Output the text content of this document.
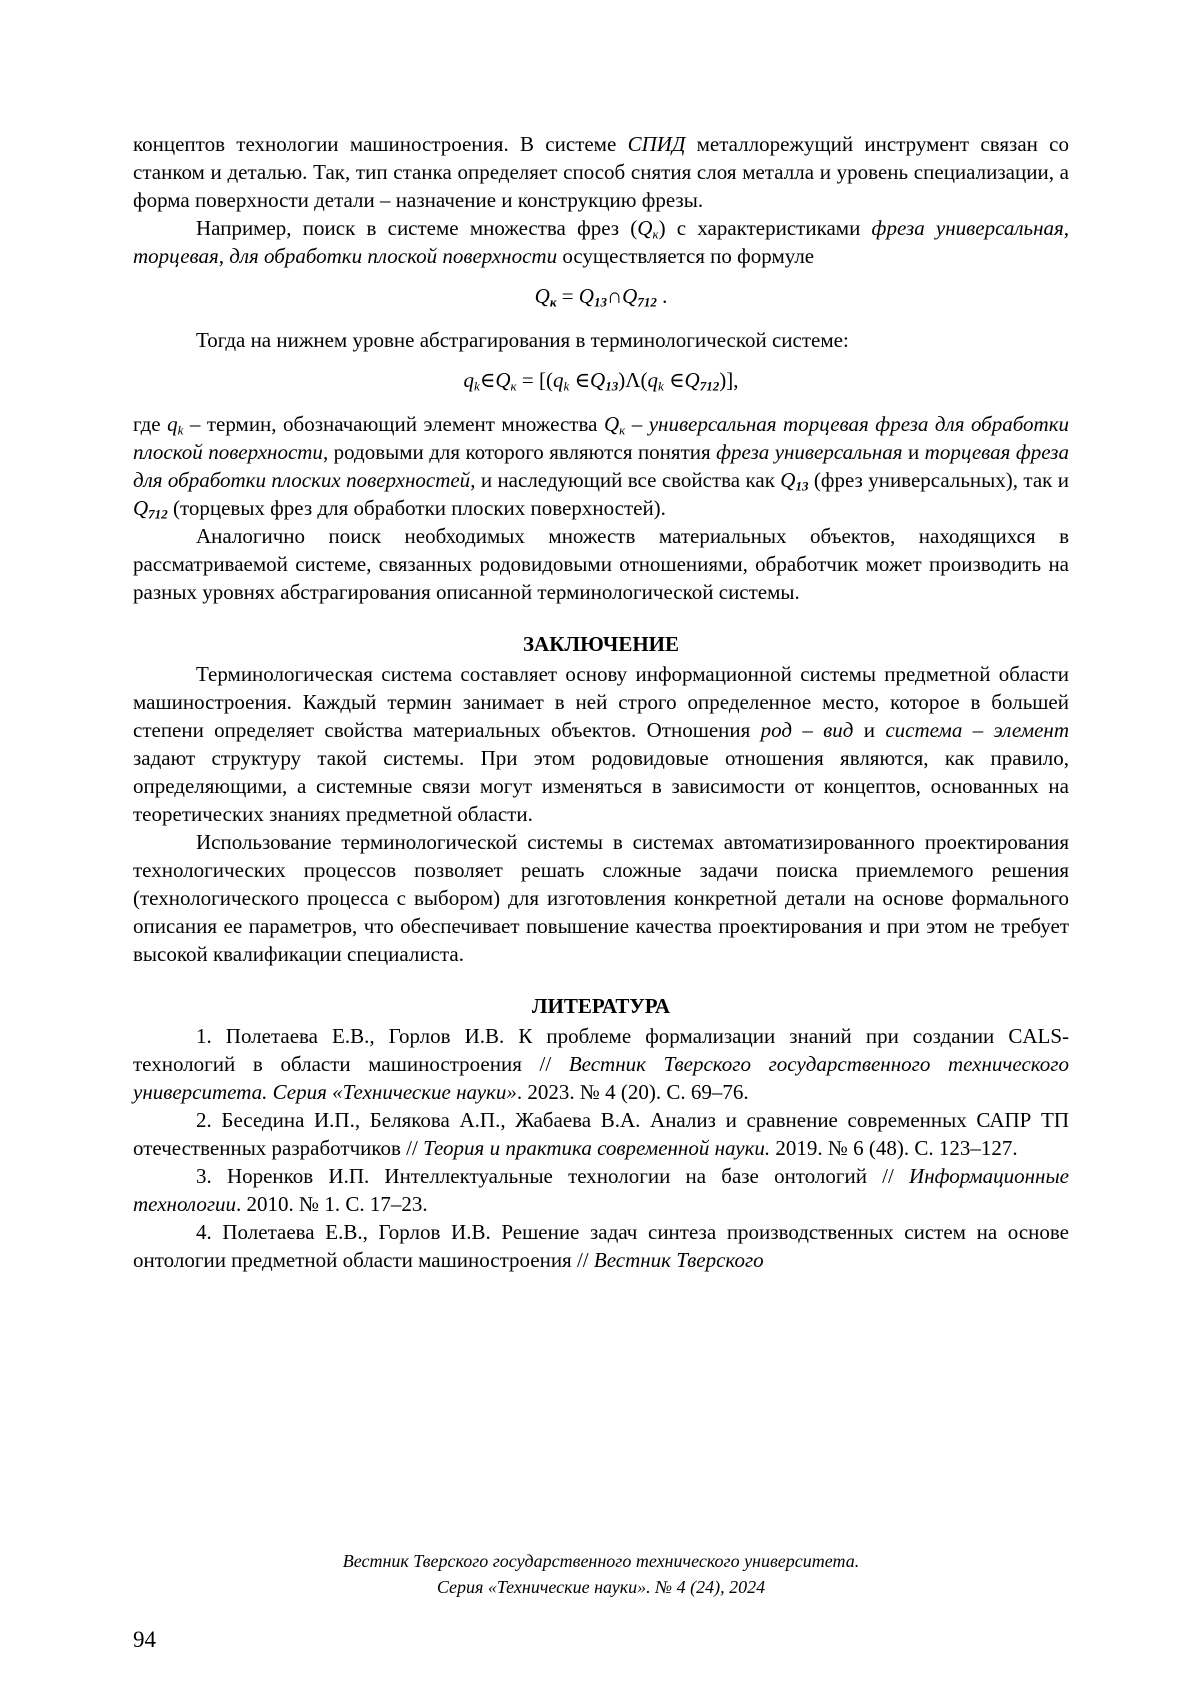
концептов технологии машиностроения. В системе СПИД металлорежущий инструмент связан со станком и деталью. Так, тип станка определяет способ снятия слоя металла и уровень специализации, а форма поверхности детали – назначение и конструкцию фрезы.
Например, поиск в системе множества фрез $(Q_к)$ с характеристиками фреза универсальная, торцевая, для обработки плоской поверхности осуществляется по формуле
$Q_к$ = $Q_{13}\cap Q_{712}$ .
Тогда на нижнем уровне абстрагирования в терминологической системе:
$q_k\in Q_к = [(q_k$ $\in Q_{13})\Lambda(q_k$ $\in Q_{712}$)],
где $q_k$ – термин, обозначающий элемент множества $Q_к$ – универсальная торцевая фреза для обработки плоской поверхности, родовыми для которого являются понятия фреза универсальная и торцевая фреза для обработки плоских поверхностей, и наследующий все свойства как $Q_{13}$ (фрез универсальных), так и $Q_{712}$ (торцевых фрез для обработки плоских поверхностей).
Аналогично поиск необходимых множеств материальных объектов, находящихся в рассматриваемой системе, связанных родовидовыми отношениями, обработчик может производить на разных уровнях абстрагирования описанной терминологической системы.
ЗАКЛЮЧЕНИЕ
Терминологическая система составляет основу информационной системы предметной области машиностроения. Каждый термин занимает в ней строго определенное место, которое в большей степени определяет свойства материальных объектов. Отношения род – вид и система – элемент задают структуру такой системы. При этом родовидовые отношения являются, как правило, определяющими, а системные связи могут изменяться в зависимости от концептов, основанных на теоретических знаниях предметной области.
Использование терминологической системы в системах автоматизированного проектирования технологических процессов позволяет решать сложные задачи поиска приемлемого решения (технологического процесса с выбором) для изготовления конкретной детали на основе формального описания ее параметров, что обеспечивает повышение качества проектирования и при этом не требует высокой квалификации специалиста.
ЛИТЕРАТУРА
1. Полетаева Е.В., Горлов И.В. К проблеме формализации знаний при создании CALS-технологий в области машиностроения // Вестник Тверского государственного технического университета. Серия «Технические науки». 2023. № 4 (20). С. 69–76.
2. Беседина И.П., Белякова А.П., Жабаева В.А. Анализ и сравнение современных САПР ТП отечественных разработчиков // Теория и практика современной науки. 2019. № 6 (48). С. 123–127.
3. Норенков И.П. Интеллектуальные технологии на базе онтологий // Информационные технологии. 2010. № 1. С. 17–23.
4. Полетаева Е.В., Горлов И.В. Решение задач синтеза производственных систем на основе онтологии предметной области машиностроения // Вестник Тверского
Вестник Тверского государственного технического университета.
Серия «Технические науки». № 4 (24), 2024
94
